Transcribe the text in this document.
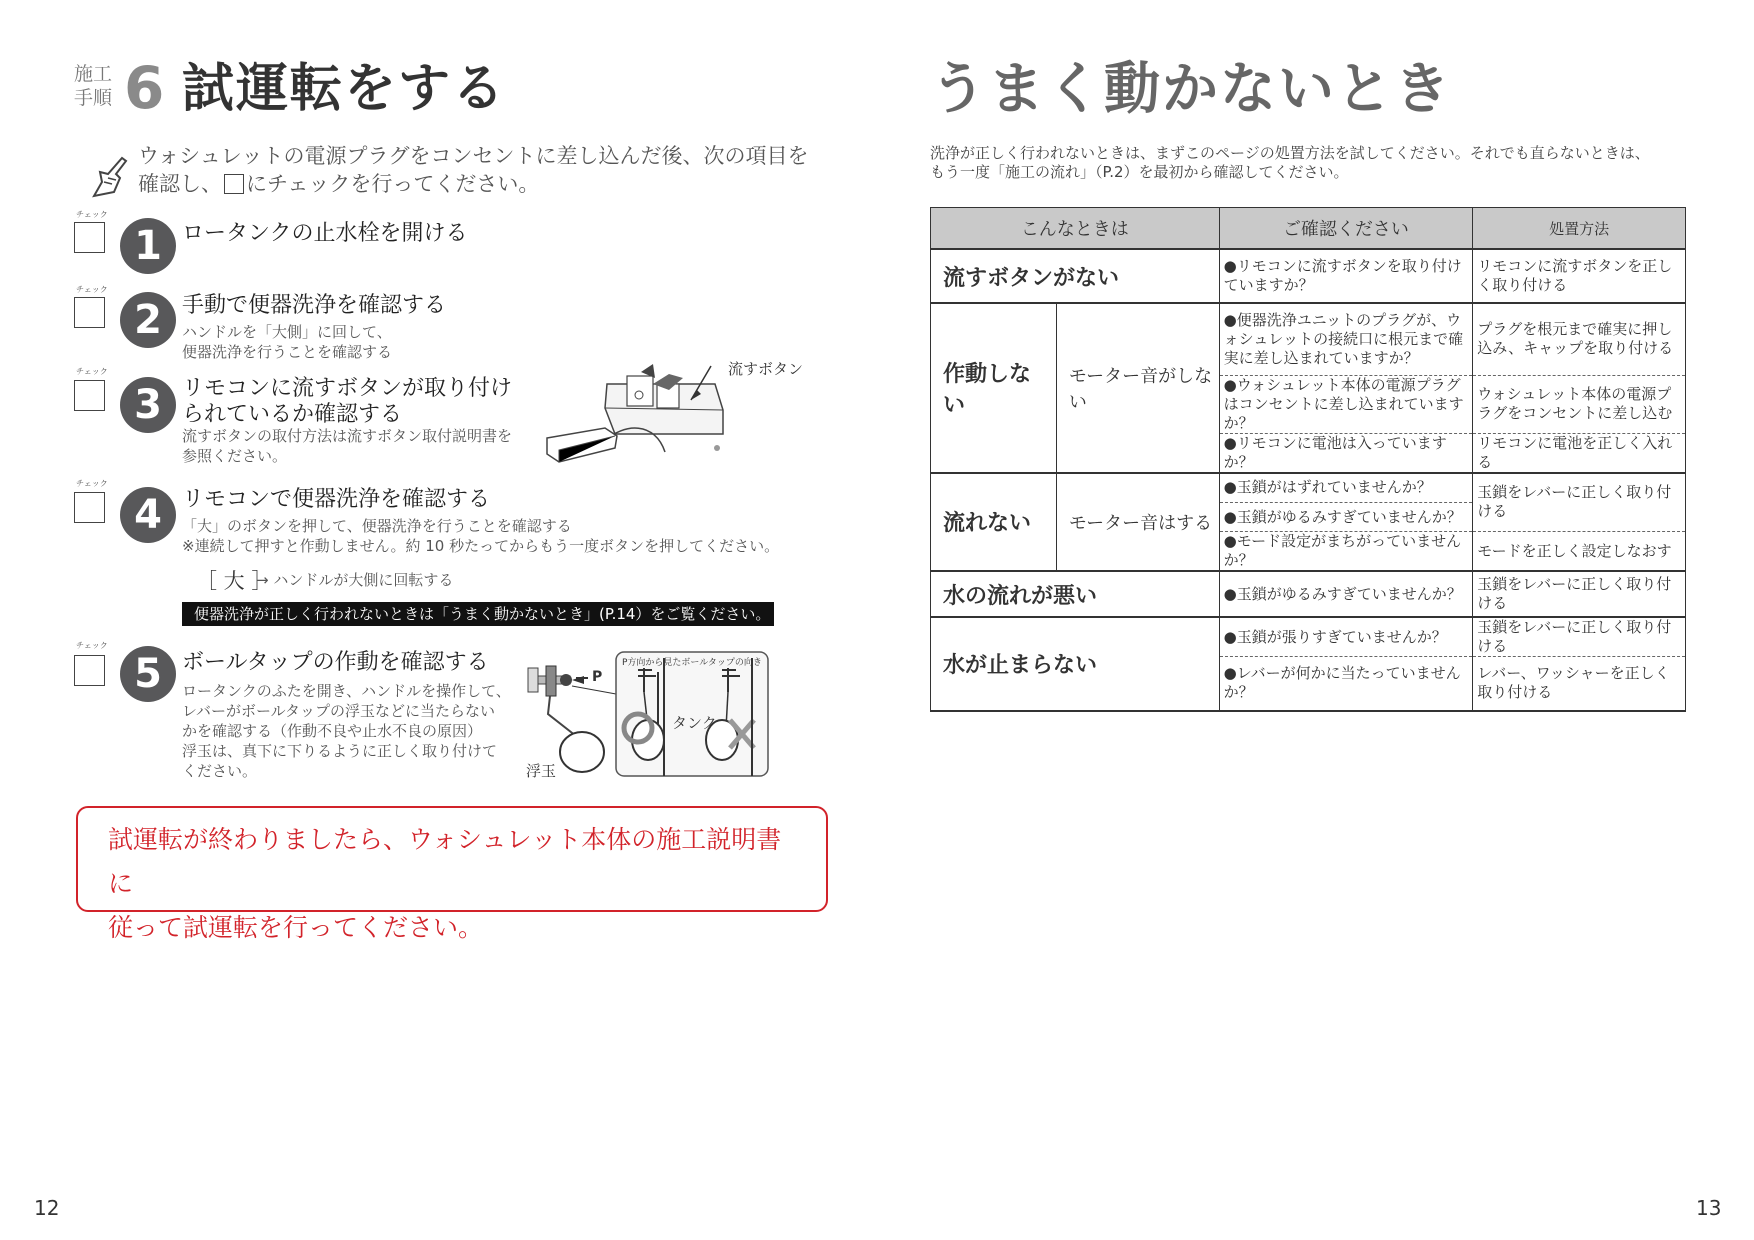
施工
手順 6 試運転をする
ウォシュレットの電源プラグをコンセントに差し込んだ後、次の項目を
確認し、 にチェックを行ってください。
チェック
1 ロータンクの止水栓を開ける
チェック
2 手動で便器洗浄を確認する
ハンドルを「大側」に回して、
便器洗浄を行うことを確認する
チェック
3 リモコンに流すボタンが取り付け
られているか確認する
流すボタンの取付方法は流すボタン取付説明書を
参照ください。
流すボタン
チェック
4 リモコンで便器洗浄を確認する
「大」のボタンを押して、便器洗浄を行うことを確認する
※連続して押すと作動しません。約 10 秒たってからもう一度ボタンを押してください。
［ 大 ］
→ ハンドルが大側に回転する
便器洗浄が正しく行われないときは「うまく動かないとき」(P.14）をご覧ください。
チェック
5 ボールタップの作動を確認する
ロータンクのふたを開き、ハンドルを操作して、
レバーがボールタップの浮玉などに当たらない
かを確認する（作動不良や止水不良の原因）
浮玉は、真下に下りるように正しく取り付けて
ください。
P方向から見たボールタップの向き
P
タンク
浮玉
試運転が終わりましたら、ウォシュレット本体の施工説明書に
従って試運転を行ってください。
12
うまく動かないとき
洗浄が正しく行われないときは、まずこのページの処置方法を試してください。それでも直らないときは、
もう一度「施工の流れ」（P.2）を最初から確認してください。
こんなときは		ご確認ください	処置方法
流すボタンがない		●リモコンに流すボタンを取り付けていますか？	リモコンに流すボタンを正しく取り付ける
作動しない	モーター音がしない	●便器洗浄ユニットのプラグが、ウォシュレットの接続口に根元まで確実に差し込まれていますか？	プラグを根元まで確実に押し込み、キャップを取り付ける
		●ウォシュレット本体の電源プラグはコンセントに差し込まれていますか？	ウォシュレット本体の電源プラグをコンセントに差し込む
		●リモコンに電池は入っていますか？	リモコンに電池を正しく入れる
流れない	モーター音はする	●玉鎖がはずれていませんか？	玉鎖をレバーに正しく取り付ける
		●玉鎖がゆるみすぎていませんか？	
		●モード設定がまちがっていませんか？	モードを正しく設定しなおす
水の流れが悪い		●玉鎖がゆるみすぎていませんか？	玉鎖をレバーに正しく取り付ける
水が止まらない		●玉鎖が張りすぎていませんか？	玉鎖をレバーに正しく取り付ける
		●レバーが何かに当たっていませんか？	レバー、ワッシャーを正しく取り付ける
13
